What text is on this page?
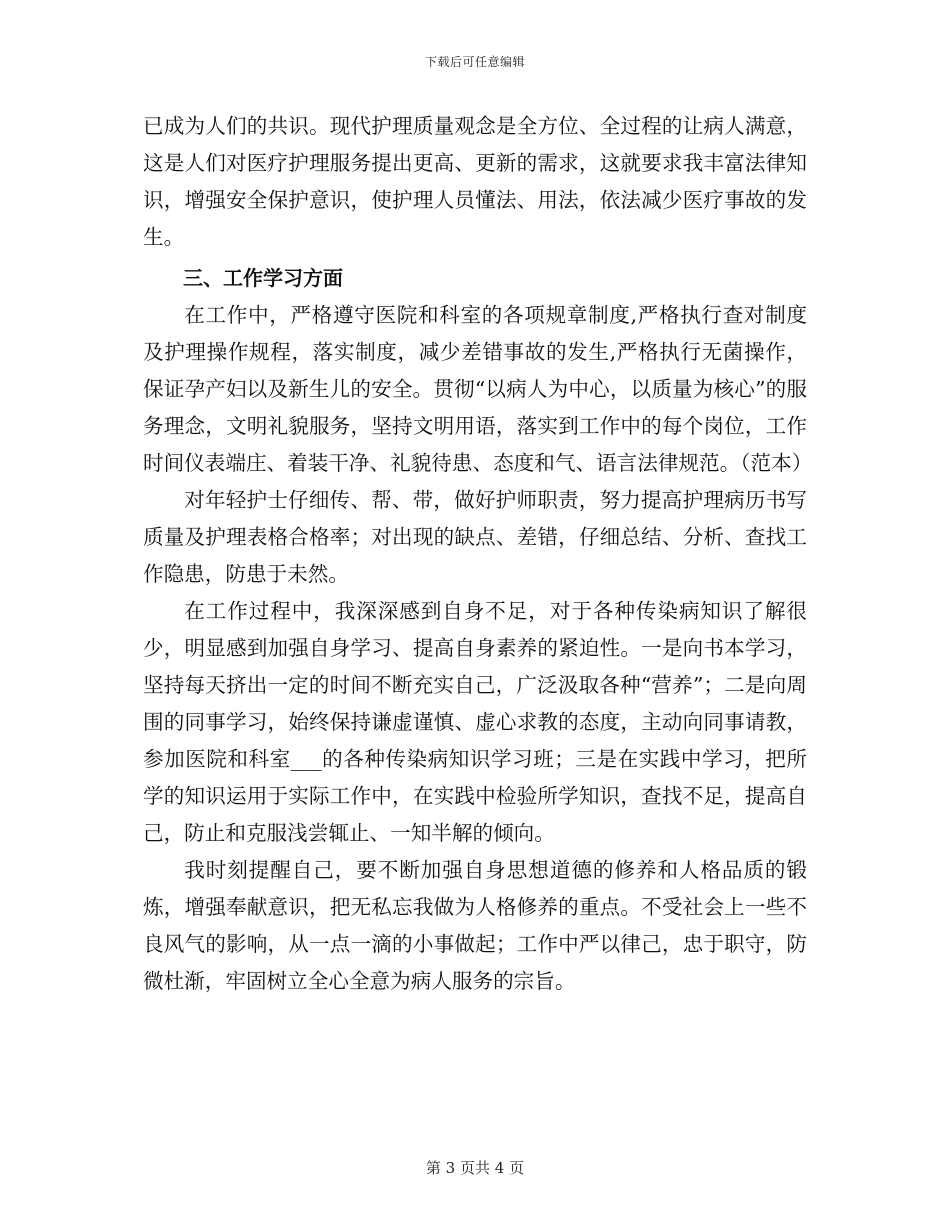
下载后可任意编辑

已成为人们的共识。现代护理质量观念是全方位、全过程的让病人满意，这是人们对医疗护理服务提出更高、更新的需求，这就要求我丰富法律知识，增强安全保护意识，使护理人员懂法、用法，依法减少医疗事故的发生。

三、工作学习方面

在工作中，严格遵守医院和科室的各项规章制度,严格执行查对制度及护理操作规程，落实制度，减少差错事故的发生,严格执行无菌操作，保证孕产妇以及新生儿的安全。贯彻“以病人为中心，以质量为核心”的服务理念，文明礼貌服务，坚持文明用语，落实到工作中的每个岗位，工作时间仪表端庄、着装干净、礼貌待患、态度和气、语言法律规范。（范本）

对年轻护士仔细传、帮、带，做好护师职责，努力提高护理病历书写质量及护理表格合格率；对出现的缺点、差错，仔细总结、分析、查找工作隐患，防患于未然。

在工作过程中，我深深感到自身不足，对于各种传染病知识了解很少，明显感到加强自身学习、提高自身素养的紧迫性。一是向书本学习，坚持每天挤出一定的时间不断充实自己，广泛汲取各种“营养”；二是向周围的同事学习，始终保持谦虚谨慎、虚心求教的态度，主动向同事请教，参加医院和科室___的各种传染病知识学习班；三是在实践中学习，把所学的知识运用于实际工作中，在实践中检验所学知识，查找不足，提高自己，防止和克服浅尝辄止、一知半解的倾向。

我时刻提醒自己，要不断加强自身思想道德的修养和人格品质的锻炼，增强奉献意识，把无私忘我做为人格修养的重点。不受社会上一些不良风气的影响，从一点一滴的小事做起；工作中严以律己，忠于职守，防微杜渐，牢固树立全心全意为病人服务的宗旨。

第 3 页共 4 页
